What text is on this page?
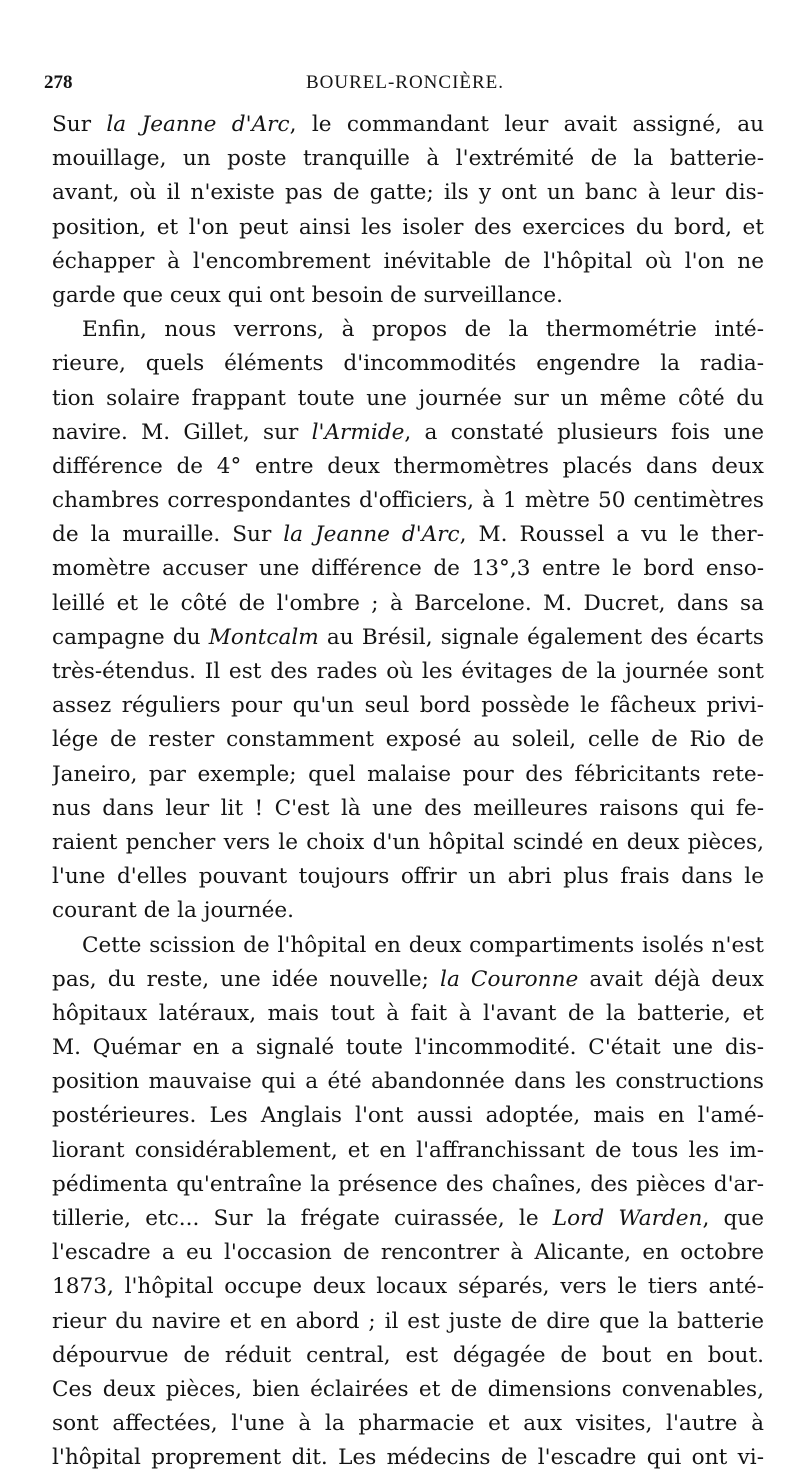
278	BOUREL-RONCIÈRE.
Sur la Jeanne d'Arc, le commandant leur avait assigné, au
mouillage, un poste tranquille à l'extrémité de la batterie-
avant, où il n'existe pas de gatte; ils y ont un banc à leur dis-
position, et l'on peut ainsi les isoler des exercices du bord, et
échapper à l'encombrement inévitable de l'hôpital où l'on ne
garde que ceux qui ont besoin de surveillance.
Enfin, nous verrons, à propos de la thermométrie inté-
rieure, quels éléments d'incommodités engendre la radia-
tion solaire frappant toute une journée sur un même côté du
navire. M. Gillet, sur l'Armide, a constaté plusieurs fois une
différence de 4° entre deux thermomètres placés dans deux
chambres correspondantes d'officiers, à 1 mètre 50 centimètres
de la muraille. Sur la Jeanne d'Arc, M. Roussel a vu le ther-
momètre accuser une différence de 13°,3 entre le bord enso-
leillé et le côté de l'ombre ; à Barcelone. M. Ducret, dans sa
campagne du Montcalm au Brésil, signale également des écarts
très-étendus. Il est des rades où les évitages de la journée sont
assez réguliers pour qu'un seul bord possède le fâcheux privi-
lége de rester constamment exposé au soleil, celle de Rio de
Janeiro, par exemple; quel malaise pour des fébricitants rete-
nus dans leur lit ! C'est là une des meilleures raisons qui fe-
raient pencher vers le choix d'un hôpital scindé en deux pièces,
l'une d'elles pouvant toujours offrir un abri plus frais dans le
courant de la journée.
Cette scission de l'hôpital en deux compartiments isolés n'est
pas, du reste, une idée nouvelle; la Couronne avait déjà deux
hôpitaux latéraux, mais tout à fait à l'avant de la batterie, et
M. Quémar en a signalé toute l'incommodité. C'était une dis-
position mauvaise qui a été abandonnée dans les constructions
postérieures. Les Anglais l'ont aussi adoptée, mais en l'amé-
liorant considérablement, et en l'affranchissant de tous les im-
pédimenta qu'entraîne la présence des chaînes, des pièces d'ar-
tillerie, etc... Sur la frégate cuirassée, le Lord Warden, que
l'escadre a eu l'occasion de rencontrer à Alicante, en octobre
1873, l'hôpital occupe deux locaux séparés, vers le tiers anté-
rieur du navire et en abord ; il est juste de dire que la batterie
dépourvue de réduit central, est dégagée de bout en bout.
Ces deux pièces, bien éclairées et de dimensions convenables,
sont affectées, l'une à la pharmacie et aux visites, l'autre à
l'hôpital proprement dit. Les médecins de l'escadre qui ont vi-
